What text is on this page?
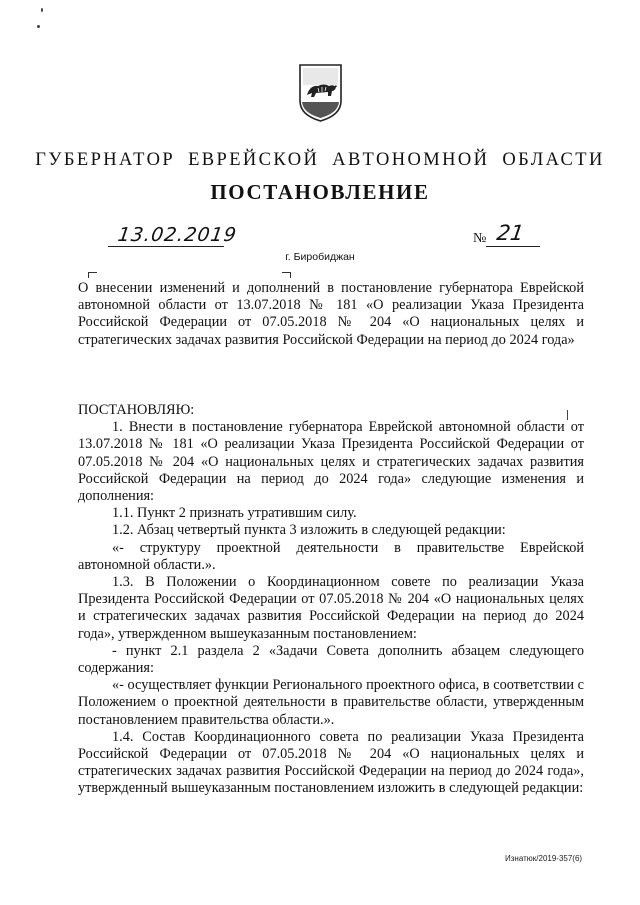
ГУБЕРНАТОР ЕВРЕЙСКОЙ АВТОНОМНОЙ ОБЛАСТИ
ПОСТАНОВЛЕНИЕ
13.02.2019	№ 21
г. Биробиджан
О внесении изменений и дополнений в постановление губернатора Еврейской автономной области от 13.07.2018 № 181 «О реализации Указа Президента Российской Федерации от 07.05.2018 № 204 «О национальных целях и стратегических задачах развития Российской Федерации на период до 2024 года»

ПОСТАНОВЛЯЮ:

1. Внести в постановление губернатора Еврейской автономной области от 13.07.2018 № 181 «О реализации Указа Президента Российской Федерации от 07.05.2018 № 204 «О национальных целях и стратегических задачах развития Российской Федерации на период до 2024 года» следующие изменения и дополнения:

1.1. Пункт 2 признать утратившим силу.

1.2. Абзац четвертый пункта 3 изложить в следующей редакции:

«- структуру проектной деятельности в правительстве Еврейской автономной области.».

1.3. В Положении о Координационном совете по реализации Указа Президента Российской Федерации от 07.05.2018 № 204 «О национальных целях и стратегических задачах развития Российской Федерации на период до 2024 года», утвержденном вышеуказанным постановлением:

- пункт 2.1 раздела 2 «Задачи Совета дополнить абзацем следующего содержания:

«- осуществляет функции Регионального проектного офиса, в соответствии с Положением о проектной деятельности в правительстве области, утвержденным постановлением правительства области.».

1.4. Состав Координационного совета по реализации Указа Президента Российской Федерации от 07.05.2018 № 204 «О национальных целях и стратегических задачах развития Российской Федерации на период до 2024 года», утвержденный вышеуказанным постановлением изложить в следующей редакции:

Изнатюк/2019-357(6)
